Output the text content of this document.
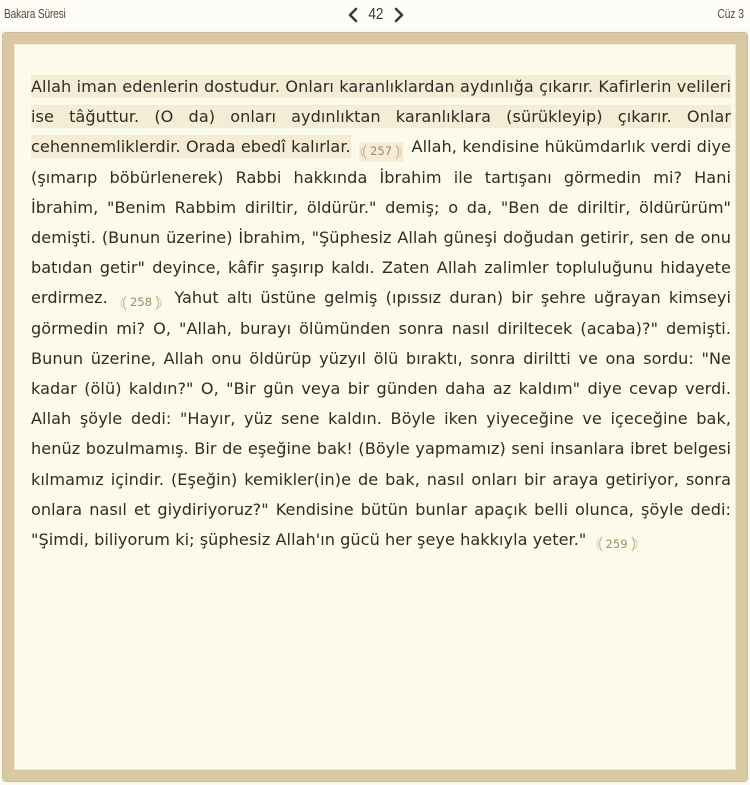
Bakara Süresi	42	Cüz 3
Allah iman edenlerin dostudur. Onları karanlıklardan aydınlığa çıkarır. Kafirlerin velileri ise tâğuttur. (O da) onları aydınlıktan karanlıklara (sürükleyip) çıkarır. Onlar cehennemliklerdir. Orada ebedî kalırlar.	257	Allah, kendisine hükümdarlık verdi diye (şımarıp böbürlenerek) Rabbi hakkında İbrahim ile tartışanı görmedin mi? Hani İbrahim, "Benim Rabbim diriltir, öldürür." demiş; o da, "Ben de diriltir, öldürürüm" demişti. (Bunun üzerine) İbrahim, "Şüphesiz Allah güneşi doğudan getirir, sen de onu batıdan getir" deyince, kâfir şaşırıp kaldı. Zaten Allah zalimler topluluğunu hidayete erdirmez.	258	Yahut altı üstüne gelmiş (ıpıssız duran) bir şehre uğrayan kimseyi görmedin mi? O, "Allah, burayı ölümünden sonra nasıl diriltecek (acaba)?" demişti. Bunun üzerine, Allah onu öldürüp yüzyıl ölü bıraktı, sonra diriltti ve ona sordu: "Ne kadar (ölü) kaldın?" O, "Bir gün veya bir günden daha az kaldım" diye cevap verdi. Allah şöyle dedi: "Hayır, yüz sene kaldın. Böyle iken yiyeceğine ve içeceğine bak, henüz bozulmamış. Bir de eşeğine bak! (Böyle yapmamız) seni insanlara ibret belgesi kılmamız içindir. (Eşeğin) kemikler(in)e de bak, nasıl onları bir araya getiriyor, sonra onlara nasıl et giydiriyoruz?" Kendisine bütün bunlar apaçık belli olunca, şöyle dedi: "Şimdi, biliyorum ki; şüphesiz Allah'ın gücü her şeye hakkıyla yeter."	259
